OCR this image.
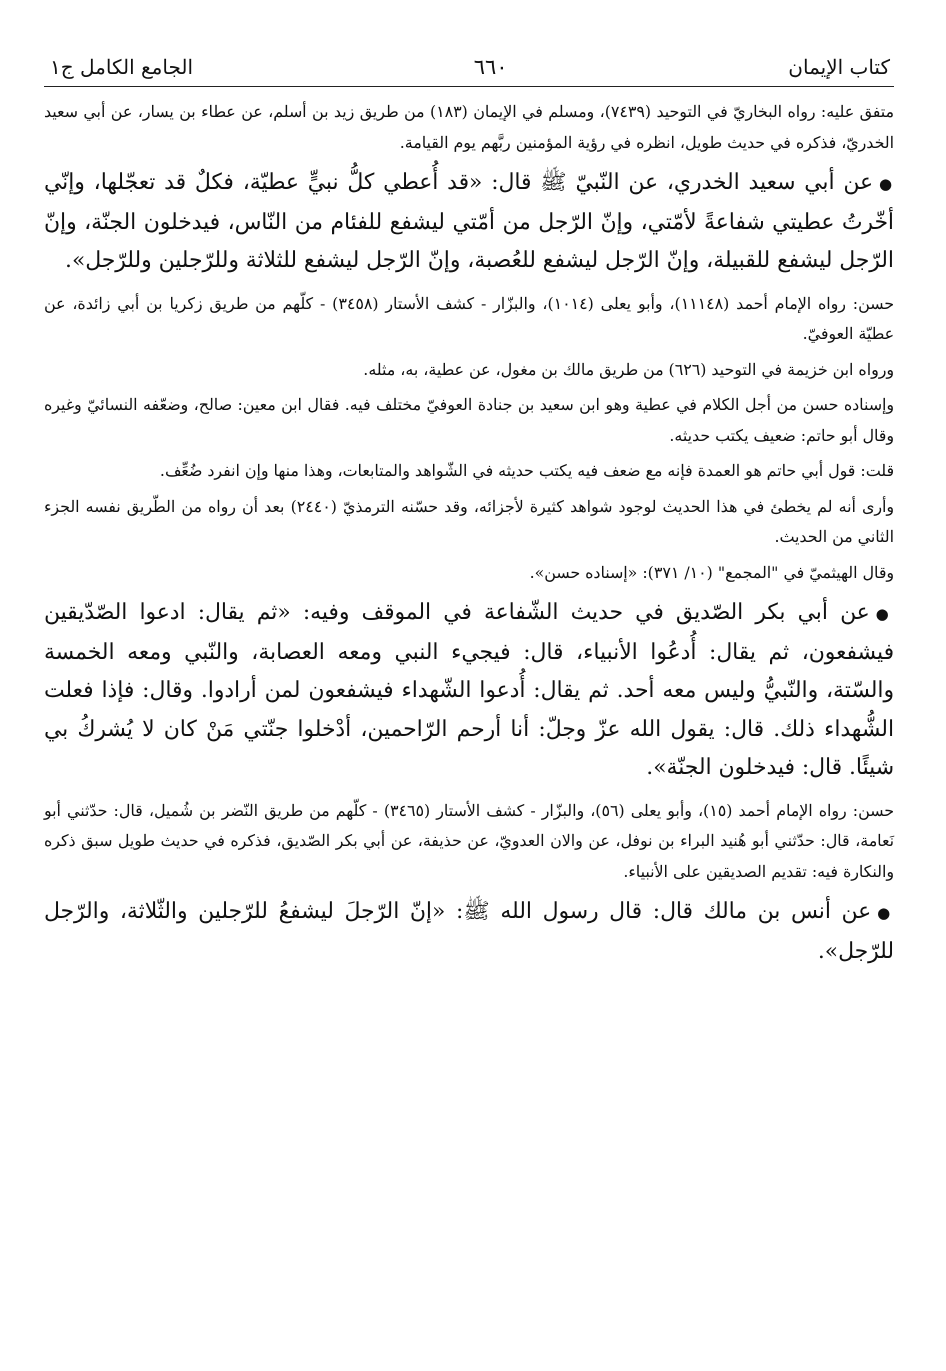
كتاب الإيمان
٦٦٠
الجامع الكامل ج١

متفق عليه: رواه البخاريّ في التوحيد (٧٤٣٩)، ومسلم في الإيمان (١٨٣) من طريق زيد بن أسلم، عن عطاء بن يسار، عن أبي سعيد الخدريّ، فذكره في حديث طويل، انظره في رؤية المؤمنين ربَّهم يوم القيامة.

●عن أبي سعيد الخدري، عن النّبيّ ﷺ قال: «قد أُعطي كلُّ نبيٍّ عطيّة، فكلٌ قد تعجّلها، وإنّي أخّرتُ عطيتي شفاعةً لأمّتي، وإنّ الرّجل من أمّتي ليشفع للفئام من النّاس، فيدخلون الجنّة، وإنّ الرّجل ليشفع للقبيلة، وإنّ الرّجل ليشفع للعُصبة، وإنّ الرّجل ليشفع للثلاثة وللرّجلين وللرّجل».

حسن: رواه الإمام أحمد (١١١٤٨)، وأبو يعلى (١٠١٤)، والبزّار - كشف الأستار (٣٤٥٨) - كلّهم من طريق زكريا بن أبي زائدة، عن عطيّة العوفيّ.

ورواه ابن خزيمة في التوحيد (٦٢٦) من طريق مالك بن مغول، عن عطية، به، مثله.

وإسناده حسن من أجل الكلام في عطية وهو ابن سعيد بن جنادة العوفيّ مختلف فيه. فقال ابن معين: صالح، وضعّفه النسائيّ وغيره وقال أبو حاتم: ضعيف يكتب حديثه.

قلت: قول أبي حاتم هو العمدة فإنه مع ضعف فيه يكتب حديثه في الشّواهد والمتابعات، وهذا منها وإن انفرد ضُعِّف.

وأرى أنه لم يخطئ في هذا الحديث لوجود شواهد كثيرة لأجزائه، وقد حسّنه الترمذيّ (٢٤٤٠) بعد أن رواه من الطّريق نفسه الجزء الثاني من الحديث.

وقال الهيثميّ في "المجمع" (١٠/ ٣٧١): «إسناده حسن».

●عن أبي بكر الصّديق في حديث الشّفاعة في الموقف وفيه: «ثم يقال: ادعوا الصّدّيقين فيشفعون، ثم يقال: أُدعُوا الأنبياء، قال: فيجيء النبي ومعه العصابة، والنّبي ومعه الخمسة والسّتة، والنّبيُّ وليس معه أحد. ثم يقال: أُدعوا الشّهداء فيشفعون لمن أرادوا. وقال: فإذا فعلت الشُّهداء ذلك. قال: يقول الله عزّ وجلّ: أنا أرحم الرّاحمين، أدْخلوا جنّتي مَنْ كان لا يُشركُ بي شيئًا. قال: فيدخلون الجنّة».

حسن: رواه الإمام أحمد (١٥)، وأبو يعلى (٥٦)، والبزّار - كشف الأستار (٣٤٦٥) - كلّهم من طريق النّضر بن شُميل، قال: حدّثني أبو نَعامة، قال: حدّثني أبو هُنيد البراء بن نوفل، عن والان العدويّ، عن حذيفة، عن أبي بكر الصّديق، فذكره في حديث طويل سبق ذكره والنكارة فيه: تقديم الصديقين على الأنبياء.

●عن أنس بن مالك قال: قال رسول الله ﷺ: «إنّ الرّجلَ ليشفعُ للرّجلين والثّلاثة، والرّجل للرّجل».
